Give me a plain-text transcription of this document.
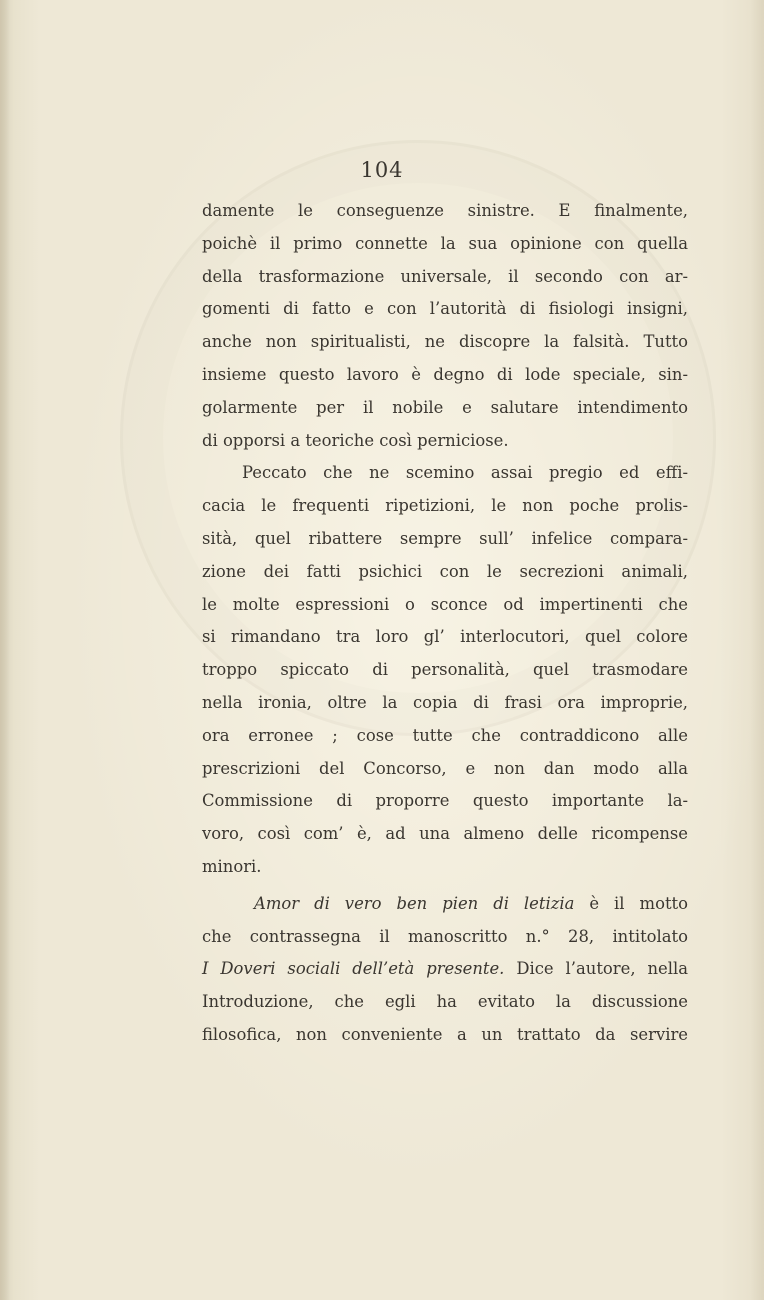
104
damente le conseguenze sinistre. E finalmente,
poichè il primo connette la sua opinione con quella
della trasformazione universale, il secondo con ar-
gomenti di fatto e con l’autorità di fisiologi insigni,
anche non spiritualisti, ne discopre la falsità. Tutto
insieme questo lavoro è degno di lode speciale, sin-
golarmente per il nobile e salutare intendimento
di opporsi a teoriche così perniciose.
Peccato che ne scemino assai pregio ed effi-
cacia le frequenti ripetizioni, le non poche prolis-
sità, quel ribattere sempre sull’ infelice compara-
zione dei fatti psichici con le secrezioni animali,
le molte espressioni o sconce od impertinenti che
si rimandano tra loro gl’ interlocutori, quel colore
troppo spiccato di personalità, quel trasmodare
nella ironia, oltre la copia di frasi ora improprie,
ora erronee ; cose tutte che contraddicono alle
prescrizioni del Concorso, e non dan modo alla
Commissione di proporre questo importante la-
voro, così com’ è, ad una almeno delle ricompense
minori.
Amor di vero ben pien di letizia è il motto
che contrassegna il manoscritto n.° 28, intitolato
I Doveri sociali dell’età presente. Dice l’autore, nella
Introduzione, che egli ha evitato la discussione
filosofica, non conveniente a un trattato da servire
